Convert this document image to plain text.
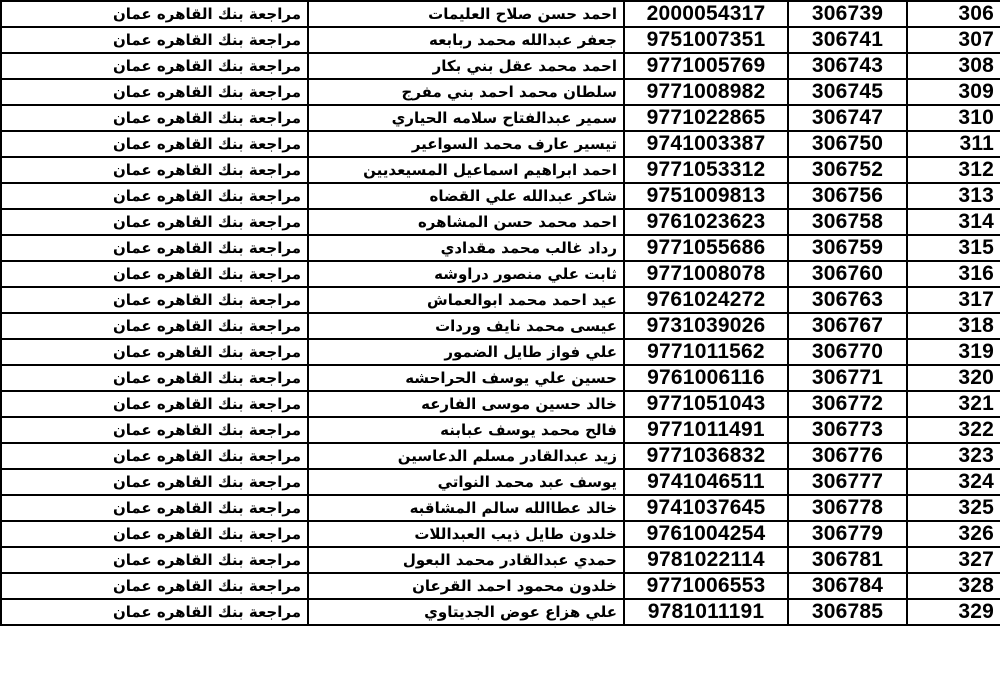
مراجعة بنك القاهره عمان	احمد حسن صلاح العليمات	2000054317	306739	306
مراجعة بنك القاهره عمان	جعفر عبدالله محمد ربابعه	9751007351	306741	307
مراجعة بنك القاهره عمان	احمد محمد عقل بني بكار	9771005769	306743	308
مراجعة بنك القاهره عمان	سلطان محمد احمد بني مفرج	9771008982	306745	309
مراجعة بنك القاهره عمان	سمير عبدالفتاح سلامه الحياري	9771022865	306747	310
مراجعة بنك القاهره عمان	تيسير عارف محمد السواعير	9741003387	306750	311
مراجعة بنك القاهره عمان	احمد ابراهيم اسماعيل المسيعديين	9771053312	306752	312
مراجعة بنك القاهره عمان	شاكر عبدالله علي القضاه	9751009813	306756	313
مراجعة بنك القاهره عمان	احمد محمد حسن المشاهره	9761023623	306758	314
مراجعة بنك القاهره عمان	رداد غالب محمد مقدادي	9771055686	306759	315
مراجعة بنك القاهره عمان	ثابت علي منصور دراوشه	9771008078	306760	316
مراجعة بنك القاهره عمان	عيد احمد محمد ابوالعماش	9761024272	306763	317
مراجعة بنك القاهره عمان	عيسى محمد نايف وردات	9731039026	306767	318
مراجعة بنك القاهره عمان	علي فواز طايل الضمور	9771011562	306770	319
مراجعة بنك القاهره عمان	حسين علي يوسف الحراحشه	9761006116	306771	320
مراجعة بنك القاهره عمان	خالد حسين موسى الفارعه	9771051043	306772	321
مراجعة بنك القاهره عمان	فالح محمد يوسف عبابنه	9771011491	306773	322
مراجعة بنك القاهره عمان	زيد عبدالقادر مسلم الدعاسين	9771036832	306776	323
مراجعة بنك القاهره عمان	يوسف عبد محمد النواتي	9741046511	306777	324
مراجعة بنك القاهره عمان	خالد عطاالله سالم المشاقبه	9741037645	306778	325
مراجعة بنك القاهره عمان	خلدون طايل ذيب العبداللات	9761004254	306779	326
مراجعة بنك القاهره عمان	حمدي عبدالقادر محمد البعول	9781022114	306781	327
مراجعة بنك القاهره عمان	خلدون محمود احمد القرعان	9771006553	306784	328
مراجعة بنك القاهره عمان	علي هزاع عوض الجديتاوي	9781011191	306785	329
